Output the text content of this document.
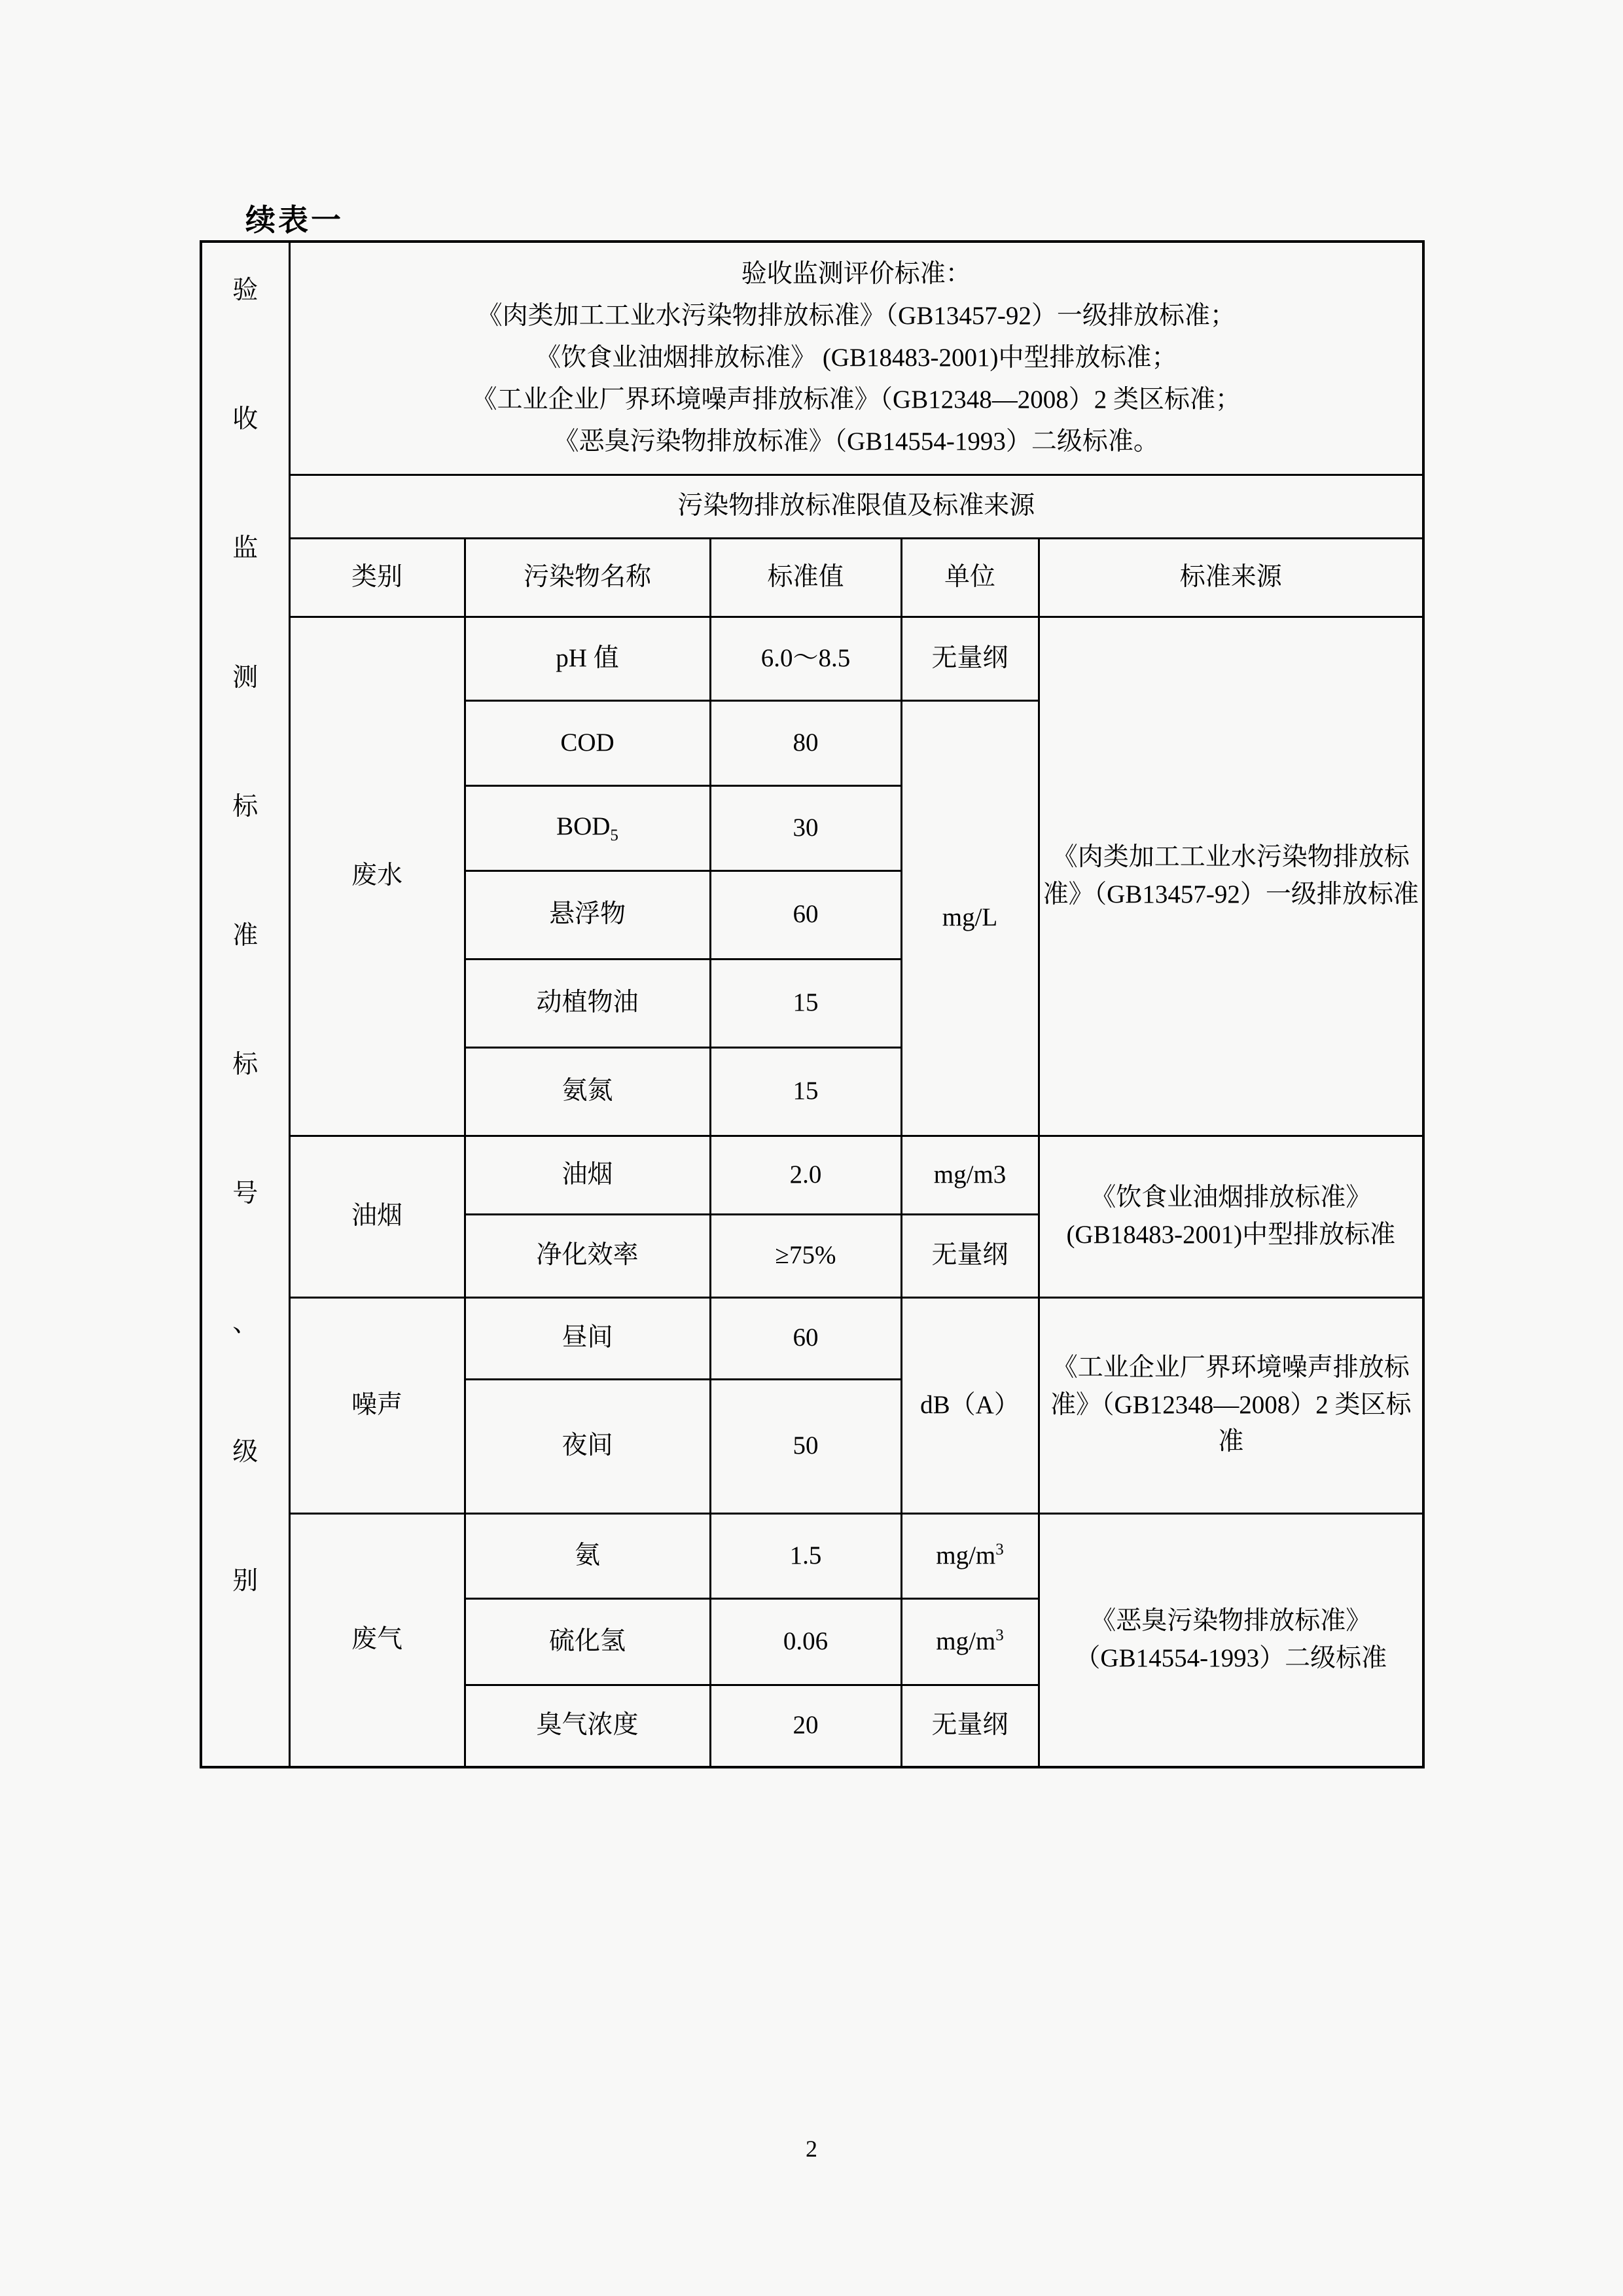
续表一
验
收
监
测
标
准
标
号
、
级
别

验收监测评价标准：
《肉类加工工业水污染物排放标准》（GB13457-92）一级排放标准；
《饮食业油烟排放标准》 (GB18483-2001)中型排放标准；
《工业企业厂界环境噪声排放标准》（GB12348—2008）2 类区标准；
《恶臭污染物排放标准》（GB14554-1993）二级标准。

	污染物排放标准限值及标准来源				
	类别	污染物名称	标准值	单位	标准来源
	废水	pH 值	6.0～8.5	无量纲	《肉类加工工业水污染物排放标准》（GB13457-92）一级排放标准
		COD	80	mg/L	
		$BOD_5$	30		
		悬浮物	60		
		动植物油	15		
		氨氮	15		
	油烟	油烟	2.0	mg/m3	《饮食业油烟排放标准》(GB18483-2001)中型排放标准
		净化效率	≥75%	无量纲	
	噪声	昼间	60	dB（A）	《工业企业厂界环境噪声排放标准》（GB12348—2008）2 类区标准
		夜间	50		
	废气	氨	1.5	$mg/m^3$	《恶臭污染物排放标准》（GB14554-1993）二级标准
		硫化氢	0.06	$mg/m^3$
		臭气浓度	20	无量纲	
2
